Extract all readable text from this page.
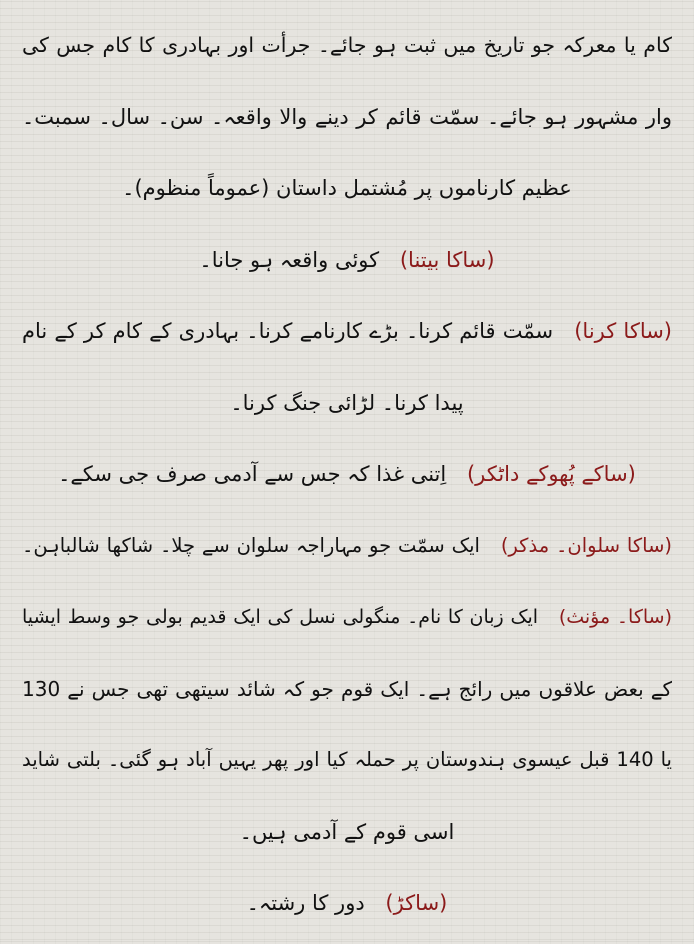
کام یا معرکہ جو تاریخ میں ثبت ہو جائے۔ جرأت اور بہادری کا کام جس کی
وار مشہور ہو جائے۔ سمّت قائم کر دینے والا واقعہ۔ سن۔ سال۔ سمبت۔
عظیم کارناموں پر مُشتمل داستان (عموماً منظوم)۔
(ساکا بیتنا) کوئی واقعہ ہو جانا۔
(ساکا کرنا) سمّت قائم کرنا۔ بڑے کارنامے کرنا۔ بہادری کے کام کر کے نام
پیدا کرنا۔ لڑائی جنگ کرنا۔
(ساکے پُھوکے داٹکر) اِتنی غذا کہ جس سے آدمی صرف جی سکے۔
(ساکا سلوان۔ مذکر) ایک سمّت جو مہاراجہ سلوان سے چلا۔ شاکھا شالباہن۔
(ساکا۔ مؤنث) ایک زبان کا نام۔ منگولی نسل کی ایک قدیم بولی جو وسط ایشیا
کے بعض علاقوں میں رائج ہے۔ ایک قوم جو کہ شائد سیتھی تھی جس نے 130
یا 140 قبل عیسوی ہندوستان پر حملہ کیا اور پھر یہیں آباد ہو گئی۔ بلتی شاید
اسی قوم کے آدمی ہیں۔
(ساکڑ) دور کا رشتہ۔
